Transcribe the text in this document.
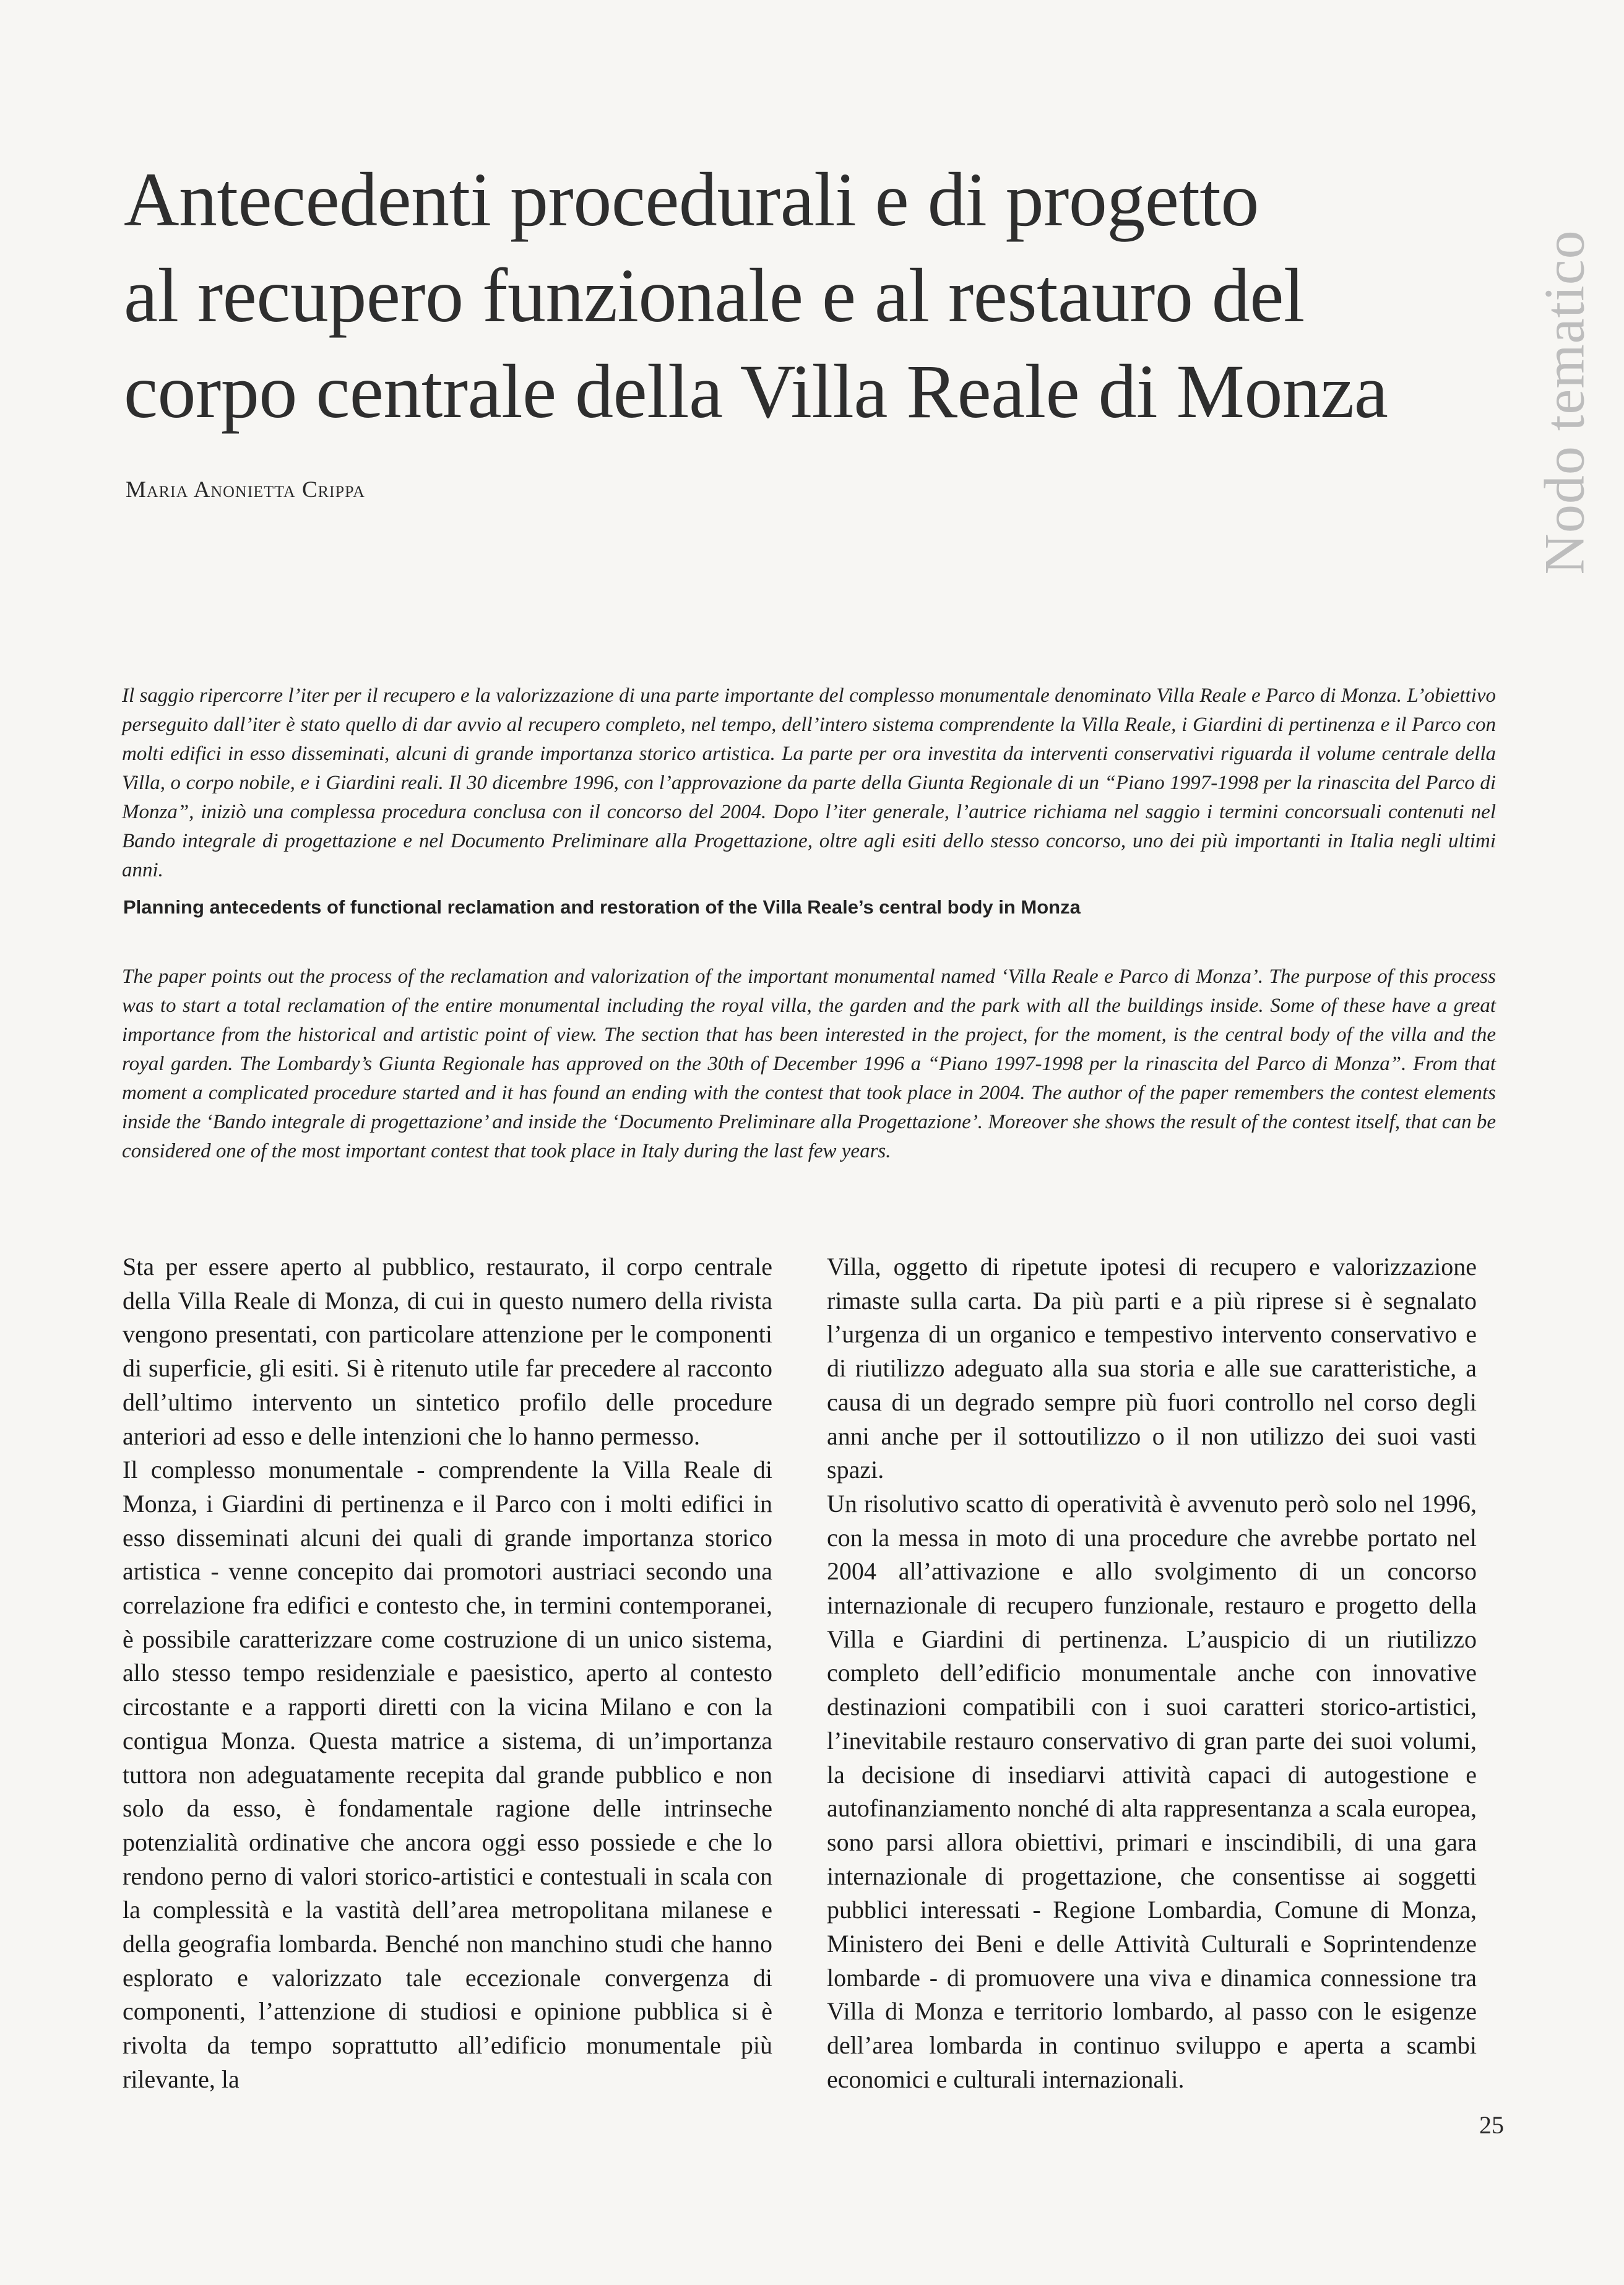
Antecedenti procedurali e di progetto
al recupero funzionale e al restauro del
corpo centrale della Villa Reale di Monza
Maria Anonietta Crippa	Nodo tematico

Il saggio ripercorre l’iter per il recupero e la valorizzazione di una parte importante del complesso monumentale denominato Villa Reale e Parco di Monza. L’obiettivo perseguito dall’iter è stato quello di dar avvio al recupero completo, nel tempo, dell’intero sistema comprendente la Villa Reale, i Giardini di pertinenza e il Parco con molti edifici in esso disseminati, alcuni di grande importanza storico artistica. La parte per ora investita da interventi conservativi riguarda il volume centrale della Villa, o corpo nobile, e i Giardini reali. Il 30 dicembre 1996, con l’approvazione da parte della Giunta Regionale di un “Piano 1997-1998 per la rinascita del Parco di Monza”, iniziò una complessa procedura conclusa con il concorso del 2004. Dopo l’iter generale, l’autrice richiama nel saggio i termini concorsuali contenuti nel Bando integrale di progettazione e nel Documento Preliminare alla Progettazione, oltre agli esiti dello stesso concorso, uno dei più importanti in Italia negli ultimi anni.

Planning antecedents of functional reclamation and restoration of the Villa Reale’s central body in Monza

The paper points out the process of the reclamation and valorization of the important monumental named ‘Villa Reale e Parco di Monza’. The purpose of this process was to start a total reclamation of the entire monumental including the royal villa, the garden and the park with all the buildings inside. Some of these have a great importance from the historical and artistic point of view. The section that has been interested in the project, for the moment, is the central body of the villa and the royal garden. The Lombardy’s Giunta Regionale has approved on the 30th of December 1996 a “Piano 1997-1998 per la rinascita del Parco di Monza”. From that moment a complicated procedure started and it has found an ending with the contest that took place in 2004. The author of the paper remembers the contest elements inside the ‘Bando integrale di progettazione’ and inside the ‘Documento Preliminare alla Progettazione’. Moreover she shows the result of the contest itself, that can be considered one of the most important contest that took place in Italy during the last few years.

Sta per essere aperto al pubblico, restaurato, il corpo centrale della Villa Reale di Monza, di cui in questo numero della rivista vengono presentati, con particolare attenzione per le componenti di superficie, gli esiti. Si è ritenuto utile far precedere al racconto dell’ultimo intervento un sintetico profilo delle procedure anteriori ad esso e delle intenzioni che lo hanno permesso.

Il complesso monumentale - comprendente la Villa Reale di Monza, i Giardini di pertinenza e il Parco con i molti edifici in esso disseminati alcuni dei quali di grande importanza storico artistica - venne concepito dai promotori austriaci secondo una correlazione fra edifici e contesto che, in termini contemporanei, è possibile caratterizzare come costruzione di un unico sistema, allo stesso tempo residenziale e paesistico, aperto al contesto circostante e a rapporti diretti con la vicina Milano e con la contigua Monza. Questa matrice a sistema, di un’importanza tuttora non adeguatamente recepita dal grande pubblico e non solo da esso, è fondamentale ragione delle intrinseche potenzialità ordinative che ancora oggi esso possiede e che lo rendono perno di valori storico-artistici e contestuali in scala con la complessità e la vastità dell’area metropolitana milanese e della geografia lombarda. Benché non manchino studi che hanno esplorato e valorizzato tale eccezionale convergenza di componenti, l’attenzione di studiosi e opinione pubblica si è rivolta da tempo soprattutto all’edificio monumentale più rilevante, la

Villa, oggetto di ripetute ipotesi di recupero e valorizzazione rimaste sulla carta. Da più parti e a più riprese si è segnalato l’urgenza di un organico e tempestivo intervento conservativo e di riutilizzo adeguato alla sua storia e alle sue caratteristiche, a causa di un degrado sempre più fuori controllo nel corso degli anni anche per il sottoutilizzo o il non utilizzo dei suoi vasti spazi.

Un risolutivo scatto di operatività è avvenuto però solo nel 1996, con la messa in moto di una procedure che avrebbe portato nel 2004 all’attivazione e allo svolgimento di un concorso internazionale di recupero funzionale, restauro e progetto della Villa e Giardini di pertinenza. L’auspicio di un riutilizzo completo dell’edificio monumentale anche con innovative destinazioni compatibili con i suoi caratteri storico-artistici, l’inevitabile restauro conservativo di gran parte dei suoi volumi, la decisione di insediarvi attività capaci di autogestione e autofinanziamento nonché di alta rappresentanza a scala europea, sono parsi allora obiettivi, primari e inscindibili, di una gara internazionale di progettazione, che consentisse ai soggetti pubblici interessati - Regione Lombardia, Comune di Monza, Ministero dei Beni e delle Attività Culturali e Soprintendenze lombarde - di promuovere una viva e dinamica connessione tra Villa di Monza e territorio lombardo, al passo con le esigenze dell’area lombarda in continuo sviluppo e aperta a scambi economici e culturali internazionali.

25
